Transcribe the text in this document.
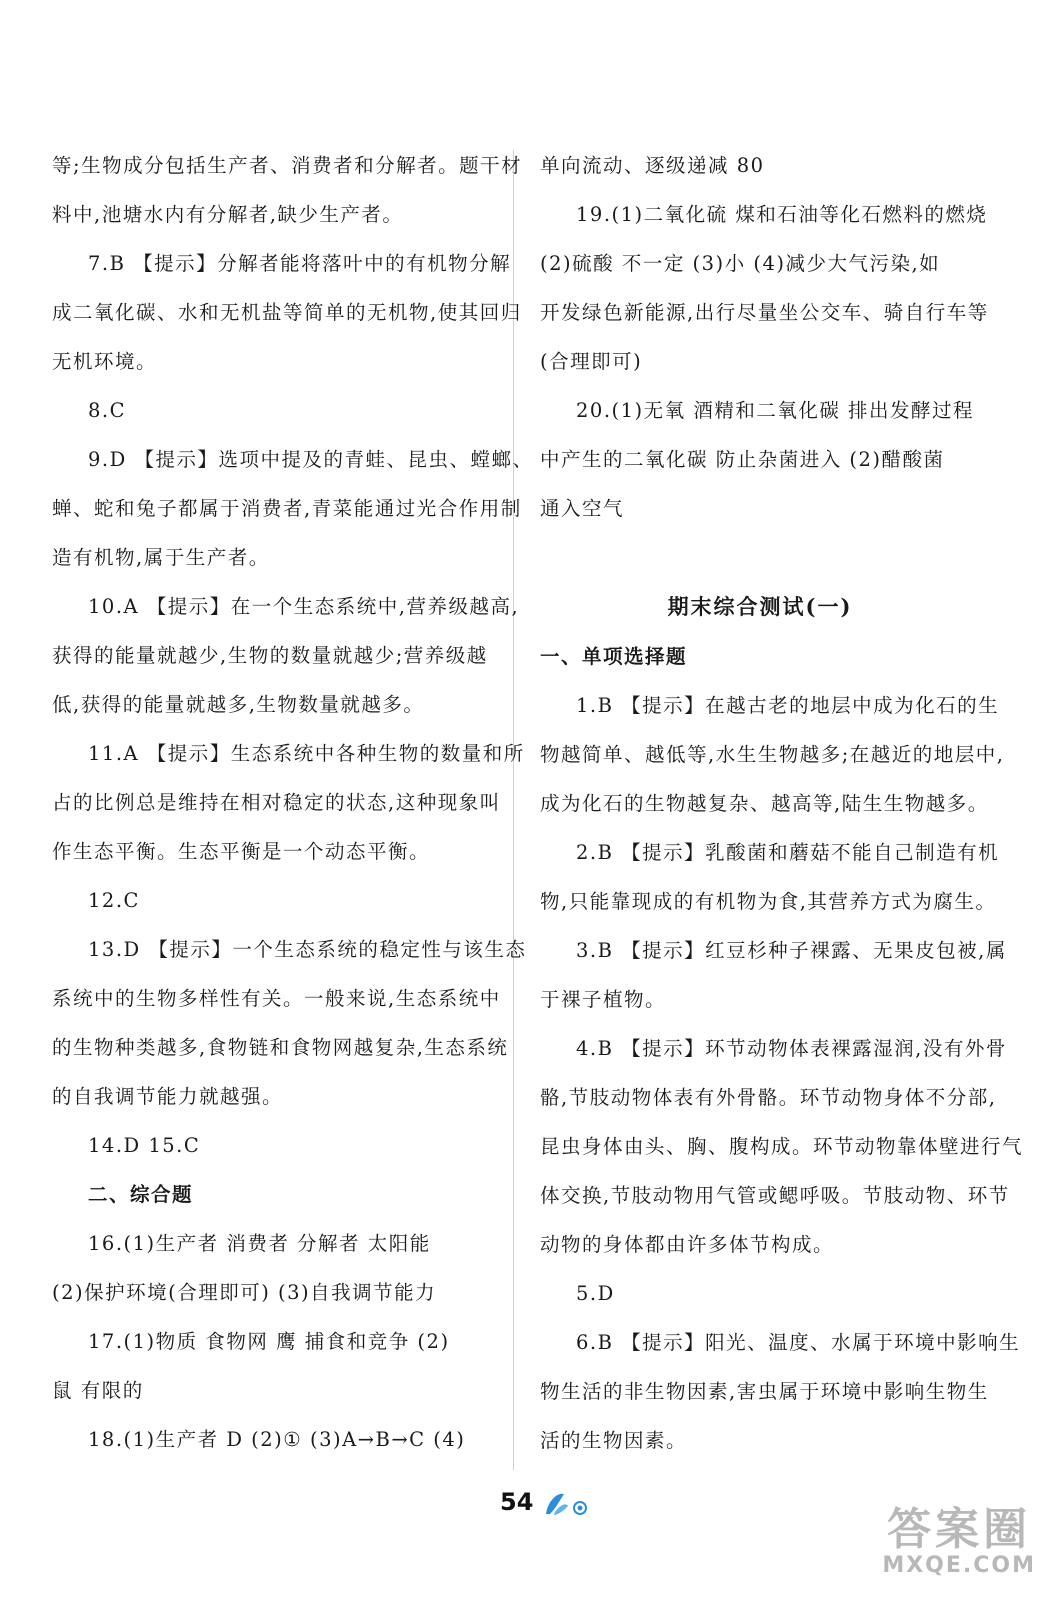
等;生物成分包括生产者、消费者和分解者。题干材
料中,池塘水内有分解者,缺少生产者。
7.B 【提示】分解者能将落叶中的有机物分解
成二氧化碳、水和无机盐等简单的无机物,使其回归
无机环境。
8.C
9.D 【提示】选项中提及的青蛙、昆虫、螳螂、
蝉、蛇和兔子都属于消费者,青菜能通过光合作用制
造有机物,属于生产者。
10.A 【提示】在一个生态系统中,营养级越高,
获得的能量就越少,生物的数量就越少;营养级越
低,获得的能量就越多,生物数量就越多。
11.A 【提示】生态系统中各种生物的数量和所
占的比例总是维持在相对稳定的状态,这种现象叫
作生态平衡。生态平衡是一个动态平衡。
12.C
13.D 【提示】一个生态系统的稳定性与该生态
系统中的生物多样性有关。一般来说,生态系统中
的生物种类越多,食物链和食物网越复杂,生态系统
的自我调节能力就越强。
14.D 15.C
二、综合题
16.(1)生产者 消费者 分解者 太阳能
(2)保护环境(合理即可) (3)自我调节能力
17.(1)物质 食物网 鹰 捕食和竞争 (2)
鼠 有限的
18.(1)生产者 D (2)① (3)A→B→C (4)
单向流动、逐级递减 80
19.(1)二氧化硫 煤和石油等化石燃料的燃烧
(2)硫酸 不一定 (3)小 (4)减少大气污染,如
开发绿色新能源,出行尽量坐公交车、骑自行车等
(合理即可)
20.(1)无氧 酒精和二氧化碳 排出发酵过程
中产生的二氧化碳 防止杂菌进入 (2)醋酸菌
通入空气
期末综合测试(一)
一、单项选择题
1.B 【提示】在越古老的地层中成为化石的生
物越简单、越低等,水生生物越多;在越近的地层中,
成为化石的生物越复杂、越高等,陆生生物越多。
2.B 【提示】乳酸菌和蘑菇不能自己制造有机
物,只能靠现成的有机物为食,其营养方式为腐生。
3.B 【提示】红豆杉种子裸露、无果皮包被,属
于裸子植物。
4.B 【提示】环节动物体表裸露湿润,没有外骨
骼,节肢动物体表有外骨骼。环节动物身体不分部,
昆虫身体由头、胸、腹构成。环节动物靠体壁进行气
体交换,节肢动物用气管或鳃呼吸。节肢动物、环节
动物的身体都由许多体节构成。
5.D
6.B 【提示】阳光、温度、水属于环境中影响生
物生活的非生物因素,害虫属于环境中影响生物生
活的生物因素。
54
答案圈
MXQE.COM
